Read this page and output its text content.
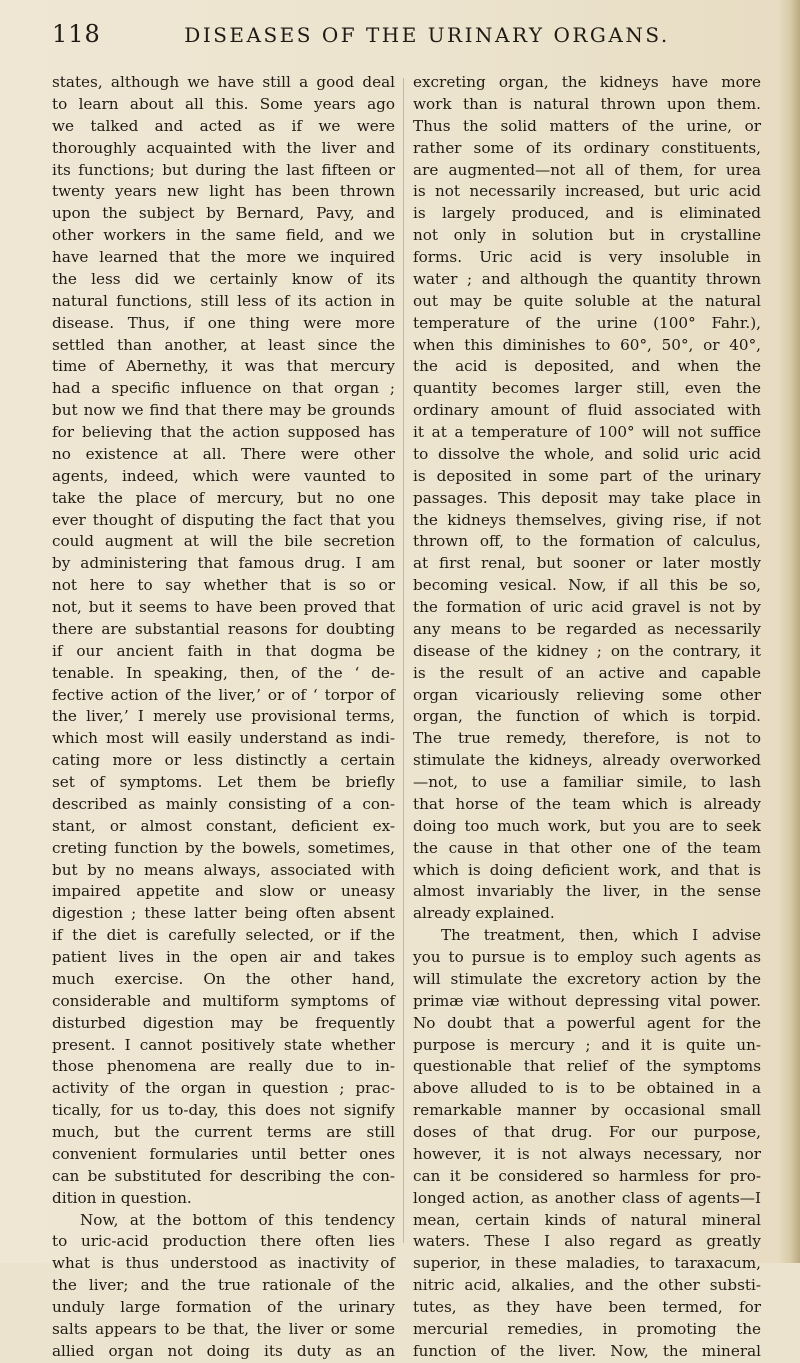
118	DISEASES OF THE URINARY ORGANS.
states, although we have still a good deal
to learn about all this. Some years ago
we talked and acted as if we were
thoroughly acquainted with the liver and
its functions; but during the last fifteen or
twenty years new light has been thrown
upon the subject by Bernard, Pavy, and
other workers in the same field, and we
have learned that the more we inquired
the less did we certainly know of its
natural functions, still less of its action in
disease. Thus, if one thing were more
settled than another, at least since the
time of Abernethy, it was that mercury
had a specific influence on that organ ;
but now we find that there may be grounds
for believing that the action supposed has
no existence at all. There were other
agents, indeed, which were vaunted to
take the place of mercury, but no one
ever thought of disputing the fact that you
could augment at will the bile secretion
by administering that famous drug. I am
not here to say whether that is so or
not, but it seems to have been proved that
there are substantial reasons for doubting
if our ancient faith in that dogma be
tenable. In speaking, then, of the ‘ de-
fective action of the liver,’ or of ‘ torpor of
the liver,’ I merely use provisional terms,
which most will easily understand as indi-
cating more or less distinctly a certain
set of symptoms. Let them be briefly
described as mainly consisting of a con-
stant, or almost constant, deficient ex-
creting function by the bowels, sometimes,
but by no means always, associated with
impaired appetite and slow or uneasy
digestion ; these latter being often absent
if the diet is carefully selected, or if the
patient lives in the open air and takes
much exercise. On the other hand,
considerable and multiform symptoms of
disturbed digestion may be frequently
present. I cannot positively state whether
those phenomena are really due to in-
activity of the organ in question ; prac-
tically, for us to-day, this does not signify
much, but the current terms are still
convenient formularies until better ones
can be substituted for describing the con-
dition in question.
Now, at the bottom of this tendency
to uric-acid production there often lies
what is thus understood as inactivity of
the liver; and the true rationale of the
unduly large formation of the urinary
salts appears to be that, the liver or some
allied organ not doing its duty as an
excreting organ, the kidneys have more
work than is natural thrown upon them.
Thus the solid matters of the urine, or
rather some of its ordinary constituents,
are augmented—not all of them, for urea
is not necessarily increased, but uric acid
is largely produced, and is eliminated
not only in solution but in crystalline
forms. Uric acid is very insoluble in
water ; and although the quantity thrown
out may be quite soluble at the natural
temperature of the urine (100° Fahr.),
when this diminishes to 60°, 50°, or 40°,
the acid is deposited, and when the
quantity becomes larger still, even the
ordinary amount of fluid associated with
it at a temperature of 100° will not suffice
to dissolve the whole, and solid uric acid
is deposited in some part of the urinary
passages. This deposit may take place in
the kidneys themselves, giving rise, if not
thrown off, to the formation of calculus,
at first renal, but sooner or later mostly
becoming vesical. Now, if all this be so,
the formation of uric acid gravel is not by
any means to be regarded as necessarily
disease of the kidney ; on the contrary, it
is the result of an active and capable
organ vicariously relieving some other
organ, the function of which is torpid.
The true remedy, therefore, is not to
stimulate the kidneys, already overworked
—not, to use a familiar simile, to lash
that horse of the team which is already
doing too much work, but you are to seek
the cause in that other one of the team
which is doing deficient work, and that is
almost invariably the liver, in the sense
already explained.
The treatment, then, which I advise
you to pursue is to employ such agents as
will stimulate the excretory action by the
primæ viæ without depressing vital power.
No doubt that a powerful agent for the
purpose is mercury ; and it is quite un-
questionable that relief of the symptoms
above alluded to is to be obtained in a
remarkable manner by occasional small
doses of that drug. For our purpose,
however, it is not always necessary, nor
can it be considered so harmless for pro-
longed action, as another class of agents—I
mean, certain kinds of natural mineral
waters. These I also regard as greatly
superior, in these maladies, to taraxacum,
nitric acid, alkalies, and the other substi-
tutes, as they have been termed, for
mercurial remedies, in promoting the
function of the liver. Now, the mineral
